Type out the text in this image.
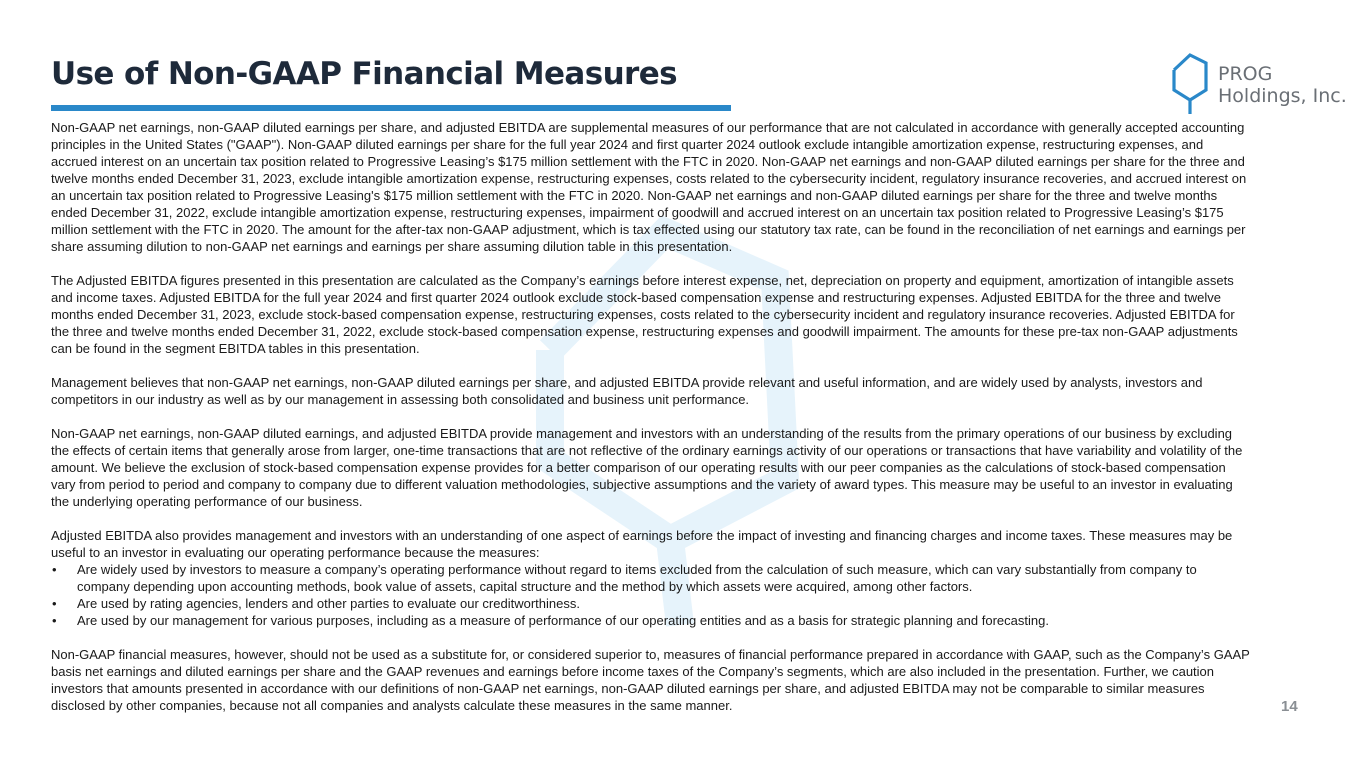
Use of Non-GAAP Financial Measures	PROG
Holdings, Inc.

Non-GAAP net earnings, non-GAAP diluted earnings per share, and adjusted EBITDA are supplemental measures of our performance that are not calculated in accordance with generally accepted accounting principles in the United States ("GAAP"). Non-GAAP diluted earnings per share for the full year 2024 and first quarter 2024 outlook exclude intangible amortization expense, restructuring expenses, and accrued interest on an uncertain tax position related to Progressive Leasing’s $175 million settlement with the FTC in 2020. Non-GAAP net earnings and non-GAAP diluted earnings per share for the three and twelve months ended December 31, 2023, exclude intangible amortization expense, restructuring expenses, costs related to the cybersecurity incident, regulatory insurance recoveries, and accrued interest on an uncertain tax position related to Progressive Leasing's $175 million settlement with the FTC in 2020. Non-GAAP net earnings and non-GAAP diluted earnings per share for the three and twelve months ended December 31, 2022, exclude intangible amortization expense, restructuring expenses, impairment of goodwill and accrued interest on an uncertain tax position related to Progressive Leasing’s $175 million settlement with the FTC in 2020. The amount for the after-tax non-GAAP adjustment, which is tax effected using our statutory tax rate, can be found in the reconciliation of net earnings and earnings per share assuming dilution to non-GAAP net earnings and earnings per share assuming dilution table in this presentation.

The Adjusted EBITDA figures presented in this presentation are calculated as the Company’s earnings before interest expense, net, depreciation on property and equipment, amortization of intangible assets and income taxes. Adjusted EBITDA for the full year 2024 and first quarter 2024 outlook exclude stock-based compensation expense and restructuring expenses. Adjusted EBITDA for the three and twelve months ended December 31, 2023, exclude stock-based compensation expense, restructuring expenses, costs related to the cybersecurity incident and regulatory insurance recoveries. Adjusted EBITDA for the three and twelve months ended December 31, 2022, exclude stock-based compensation expense, restructuring expenses and goodwill impairment. The amounts for these pre-tax non-GAAP adjustments can be found in the segment EBITDA tables in this presentation.

Management believes that non-GAAP net earnings, non-GAAP diluted earnings per share, and adjusted EBITDA provide relevant and useful information, and are widely used by analysts, investors and competitors in our industry as well as by our management in assessing both consolidated and business unit performance.

Non-GAAP net earnings, non-GAAP diluted earnings, and adjusted EBITDA provide management and investors with an understanding of the results from the primary operations of our business by excluding the effects of certain items that generally arose from larger, one-time transactions that are not reflective of the ordinary earnings activity of our operations or transactions that have variability and volatility of the amount. We believe the exclusion of stock-based compensation expense provides for a better comparison of our operating results with our peer companies as the calculations of stock-based compensation vary from period to period and company to company due to different valuation methodologies, subjective assumptions and the variety of award types. This measure may be useful to an investor in evaluating the underlying operating performance of our business.

Adjusted EBITDA also provides management and investors with an understanding of one aspect of earnings before the impact of investing and financing charges and income taxes. These measures may be useful to an investor in evaluating our operating performance because the measures:

• Are widely used by investors to measure a company’s operating performance without regard to items excluded from the calculation of such measure, which can vary substantially from company to company depending upon accounting methods, book value of assets, capital structure and the method by which assets were acquired, among other factors.
• Are used by rating agencies, lenders and other parties to evaluate our creditworthiness.
• Are used by our management for various purposes, including as a measure of performance of our operating entities and as a basis for strategic planning and forecasting.

Non-GAAP financial measures, however, should not be used as a substitute for, or considered superior to, measures of financial performance prepared in accordance with GAAP, such as the Company’s GAAP basis net earnings and diluted earnings per share and the GAAP revenues and earnings before income taxes of the Company’s segments, which are also included in the presentation. Further, we caution investors that amounts presented in accordance with our definitions of non-GAAP net earnings, non-GAAP diluted earnings per share, and adjusted EBITDA may not be comparable to similar measures disclosed by other companies, because not all companies and analysts calculate these measures in the same manner.	14
